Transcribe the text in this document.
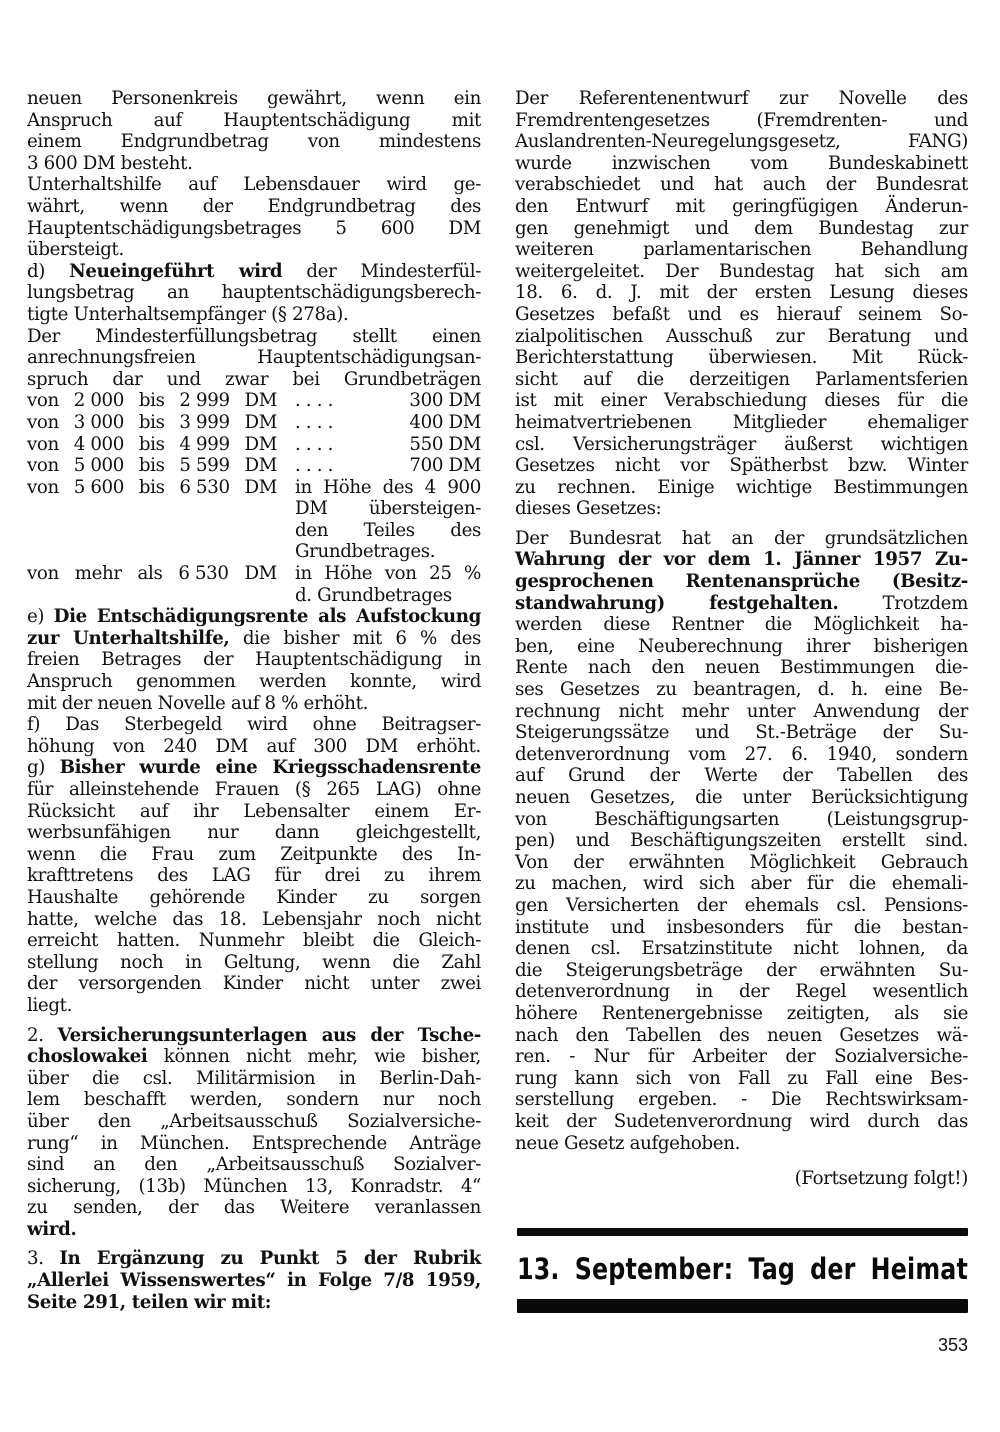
neuen Personenkreis gewährt, wenn ein
Anspruch auf Hauptentschädigung mit
einem Endgrundbetrag von mindestens
3 600 DM besteht.
Unterhaltshilfe auf Lebensdauer wird ge-
währt, wenn der Endgrundbetrag des
Hauptentschädigungsbetrages 5 600 DM
übersteigt.
d) Neueingeführt wird der Mindesterfül-
lungsbetrag an hauptentschädigungsberech-
tigte Unterhaltsempfänger (§ 278a).
Der Mindesterfüllungsbetrag stellt einen
anrechnungsfreien Hauptentschädigungsan-
spruch dar und zwar bei Grundbeträgen
von 2 000 bis 2 999 DM . . . .	300 DM
von 3 000 bis 3 999 DM . . . .	400 DM
von 4 000 bis 4 999 DM . . . .	550 DM
von 5 000 bis 5 599 DM . . . .	700 DM
von 5 600 bis 6 530 DM in Höhe des 4 900
DM übersteigen-
den Teiles des
Grundbetrages.
von mehr als 6 530 DM in Höhe von 25 %
d. Grundbetrages
e) Die Entschädigungsrente als Aufstockung
zur Unterhaltshilfe, die bisher mit 6 % des
freien Betrages der Hauptentschädigung in
Anspruch genommen werden konnte, wird
mit der neuen Novelle auf 8 % erhöht.
f) Das Sterbegeld wird ohne Beitragser-
höhung von 240 DM auf 300 DM erhöht.
g) Bisher wurde eine Kriegsschadensrente
für alleinstehende Frauen (§ 265 LAG) ohne
Rücksicht auf ihr Lebensalter einem Er-
werbsunfähigen nur dann gleichgestellt,
wenn die Frau zum Zeitpunkte des In-
krafttretens des LAG für drei zu ihrem
Haushalte gehörende Kinder zu sorgen
hatte, welche das 18. Lebensjahr noch nicht
erreicht hatten. Nunmehr bleibt die Gleich-
stellung noch in Geltung, wenn die Zahl
der versorgenden Kinder nicht unter zwei
liegt.
2. Versicherungsunterlagen aus der Tsche-
choslowakei können nicht mehr, wie bisher,
über die csl. Militärmision in Berlin-Dah-
lem beschafft werden, sondern nur noch
über den „Arbeitsausschuß Sozialversiche-
rung“ in München. Entsprechende Anträge
sind an den „Arbeitsausschuß Sozialver-
sicherung, (13b) München 13, Konradstr. 4“
zu senden, der das Weitere veranlassen
wird.
3. In Ergänzung zu Punkt 5 der Rubrik
„Allerlei Wissenswertes“ in Folge 7/8 1959,
Seite 291, teilen wir mit:
Der Referentenentwurf zur Novelle des
Fremdrentengesetzes (Fremdrenten- und
Auslandrenten-Neuregelungsgesetz, FANG)
wurde inzwischen vom Bundeskabinett
verabschiedet und hat auch der Bundesrat
den Entwurf mit geringfügigen Änderun-
gen genehmigt und dem Bundestag zur
weiteren parlamentarischen Behandlung
weitergeleitet. Der Bundestag hat sich am
18. 6. d. J. mit der ersten Lesung dieses
Gesetzes befaßt und es hierauf seinem So-
zialpolitischen Ausschuß zur Beratung und
Berichterstattung überwiesen. Mit Rück-
sicht auf die derzeitigen Parlamentsferien
ist mit einer Verabschiedung dieses für die
heimatvertriebenen Mitglieder ehemaliger
csl. Versicherungsträger äußerst wichtigen
Gesetzes nicht vor Spätherbst bzw. Winter
zu rechnen. Einige wichtige Bestimmungen
dieses Gesetzes:
Der Bundesrat hat an der grundsätzlichen
Wahrung der vor dem 1. Jänner 1957 Zu-
gesprochenen Rentenansprüche (Besitz-
standwahrung) festgehalten. Trotzdem
werden diese Rentner die Möglichkeit ha-
ben, eine Neuberechnung ihrer bisherigen
Rente nach den neuen Bestimmungen die-
ses Gesetzes zu beantragen, d. h. eine Be-
rechnung nicht mehr unter Anwendung der
Steigerungssätze und St.-Beträge der Su-
detenverordnung vom 27. 6. 1940, sondern
auf Grund der Werte der Tabellen des
neuen Gesetzes, die unter Berücksichtigung
von Beschäftigungsarten (Leistungsgrup-
pen) und Beschäftigungszeiten erstellt sind.
Von der erwähnten Möglichkeit Gebrauch
zu machen, wird sich aber für die ehemali-
gen Versicherten der ehemals csl. Pensions-
institute und insbesonders für die bestan-
denen csl. Ersatzinstitute nicht lohnen, da
die Steigerungsbeträge der erwähnten Su-
detenverordnung in der Regel wesentlich
höhere Rentenergebnisse zeitigten, als sie
nach den Tabellen des neuen Gesetzes wä-
ren. - Nur für Arbeiter der Sozialversiche-
rung kann sich von Fall zu Fall eine Bes-
serstellung ergeben. - Die Rechtswirksam-
keit der Sudetenverordnung wird durch das
neue Gesetz aufgehoben.
(Fortsetzung folgt!)
13. September: Tag der Heimat
353
